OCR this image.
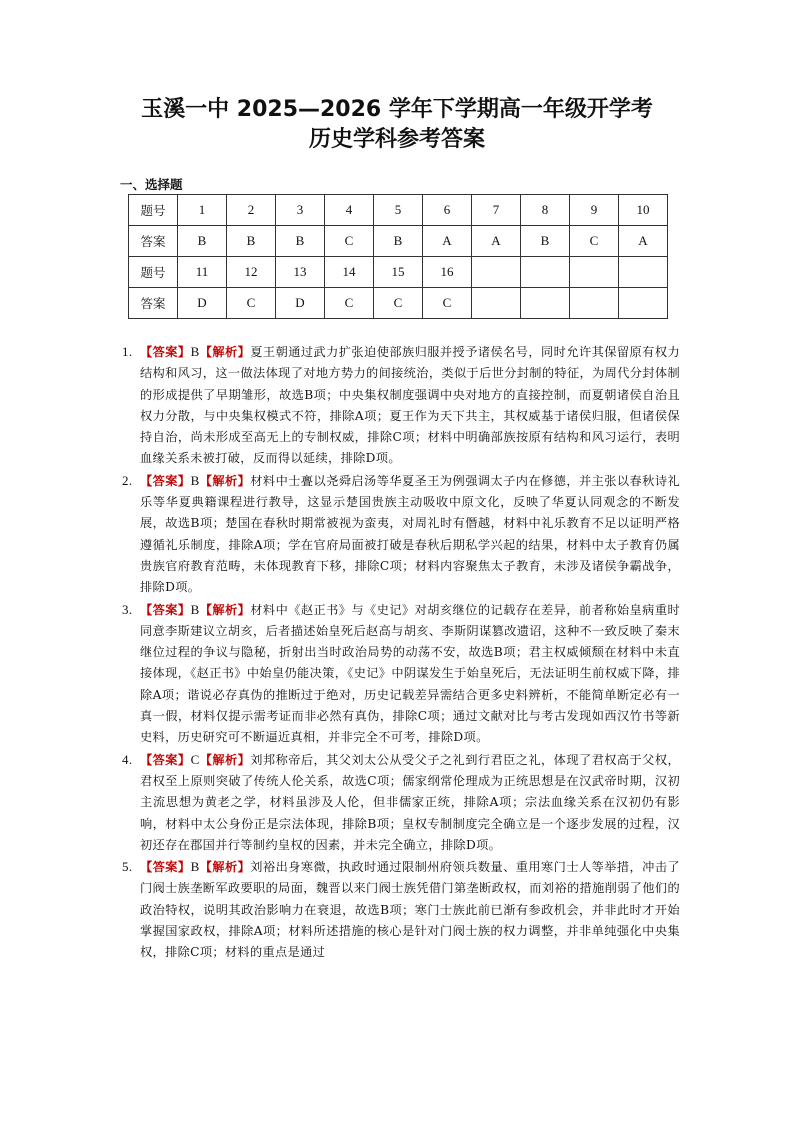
玉溪一中 2025—2026 学年下学期高一年级开学考
历史学科参考答案
一、选择题
题号	1	2	3	4	5	6	7	8	9	10
答案	B	B	B	C	B	A	A	B	C	A
题号	11	12	13	14	15	16				
答案	D	C	D	C	C	C				
1. 【答案】B【解析】夏王朝通过武力扩张迫使部族归服并授予诸侯名号，同时允许其保留原有权力结构和风习，这一做法体现了对地方势力的间接统治，类似于后世分封制的特征，为周代分封体制的形成提供了早期雏形，故选B项；中央集权制度强调中央对地方的直接控制，而夏朝诸侯自治且权力分散，与中央集权模式不符，排除A项；夏王作为天下共主，其权威基于诸侯归服，但诸侯保持自治，尚未形成至高无上的专制权威，排除C项；材料中明确部族按原有结构和风习运行，表明血缘关系未被打破，反而得以延续，排除D项。
2. 【答案】B【解析】材料中士亹以尧舜启汤等华夏圣王为例强调太子内在修德，并主张以春秋诗礼乐等华夏典籍课程进行教导，这显示楚国贵族主动吸收中原文化，反映了华夏认同观念的不断发展，故选B项；楚国在春秋时期常被视为蛮夷，对周礼时有僭越，材料中礼乐教育不足以证明严格遵循礼乐制度，排除A项；学在官府局面被打破是春秋后期私学兴起的结果，材料中太子教育仍属贵族官府教育范畴，未体现教育下移，排除C项；材料内容聚焦太子教育，未涉及诸侯争霸战争，排除D项。
3. 【答案】B【解析】材料中《赵正书》与《史记》对胡亥继位的记载存在差异，前者称始皇病重时同意李斯建议立胡亥，后者描述始皇死后赵高与胡亥、李斯阴谋篡改遗诏，这种不一致反映了秦末继位过程的争议与隐秘，折射出当时政治局势的动荡不安，故选B项；君主权威倾颓在材料中未直接体现，《赵正书》中始皇仍能决策，《史记》中阴谋发生于始皇死后，无法证明生前权威下降，排除A项；谐说必存真伪的推断过于绝对，历史记载差异需结合更多史料辨析，不能简单断定必有一真一假，材料仅提示需考证而非必然有真伪，排除C项；通过文献对比与考古发现如西汉竹书等新史料，历史研究可不断逼近真相，并非完全不可考，排除D项。
4. 【答案】C【解析】刘邦称帝后，其父刘太公从受父子之礼到行君臣之礼，体现了君权高于父权，君权至上原则突破了传统人伦关系，故选C项；儒家纲常伦理成为正统思想是在汉武帝时期，汉初主流思想为黄老之学，材料虽涉及人伦，但非儒家正统，排除A项；宗法血缘关系在汉初仍有影响，材料中太公身份正是宗法体现，排除B项；皇权专制制度完全确立是一个逐步发展的过程，汉初还存在郡国并行等制约皇权的因素，并未完全确立，排除D项。
5. 【答案】B【解析】刘裕出身寒微，执政时通过限制州府领兵数量、重用寒门士人等举措，冲击了门阀士族垄断军政要职的局面，魏晋以来门阀士族凭借门第垄断政权，而刘裕的措施削弱了他们的政治特权，说明其政治影响力在衰退，故选B项；寒门士族此前已渐有参政机会，并非此时才开始掌握国家政权，排除A项；材料所述措施的核心是针对门阀士族的权力调整，并非单纯强化中央集权，排除C项；材料的重点是通过
